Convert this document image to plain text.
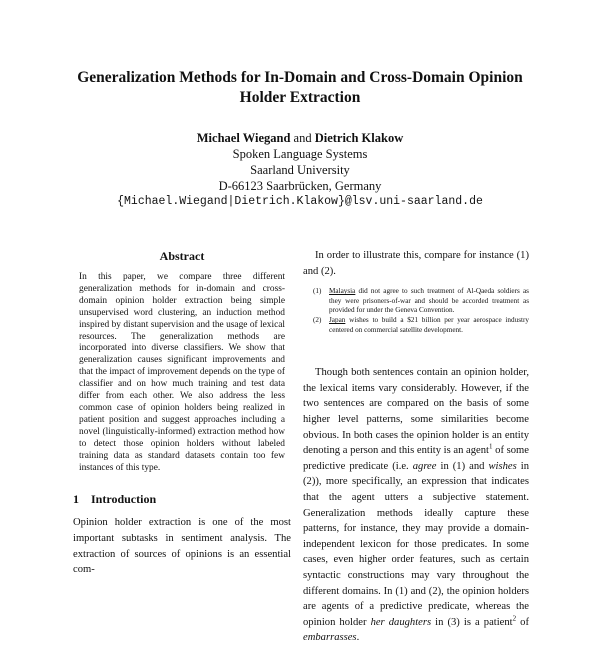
Generalization Methods for In-Domain and Cross-Domain Opinion
Holder Extraction
Michael Wiegand and Dietrich Klakow
Spoken Language Systems
Saarland University
D-66123 Saarbrücken, Germany
{Michael.Wiegand|Dietrich.Klakow}@lsv.uni-saarland.de
Abstract

In this paper, we compare three different generalization methods for in-domain and cross-domain opinion holder extraction being simple unsupervised word clustering, an induction method inspired by distant supervision and the usage of lexical resources. The generalization methods are incorporated into diverse classifiers. We show that generalization causes significant improvements and that the impact of improvement depends on the type of classifier and on how much training and test data differ from each other. We also address the less common case of opinion holders being realized in patient position and suggest approaches including a novel (linguistically-informed) extraction method how to detect those opinion holders without labeled training data as standard datasets contain too few instances of this type.

1 Introduction

Opinion holder extraction is one of the most important subtasks in sentiment analysis. The extraction of sources of opinions is an essential com-

In order to illustrate this, compare for instance (1) and (2).

(1)	Malaysia did not agree to such treatment of Al-Qaeda soldiers as they were prisoners-of-war and should be accorded treatment as provided for under the Geneva Convention.
(2)	Japan wishes to build a $21 billion per year aerospace industry centered on commercial satellite development.

Though both sentences contain an opinion holder, the lexical items vary considerably. However, if the two sentences are compared on the basis of some higher level patterns, some similarities become obvious. In both cases the opinion holder is an entity denoting a person and this entity is an agent$^1$ of some predictive predicate (i.e. agree in (1) and wishes in (2)), more specifically, an expression that indicates that the agent utters a subjective statement. Generalization methods ideally capture these patterns, for instance, they may provide a domain-independent lexicon for those predicates. In some cases, even higher order features, such as certain syntactic constructions may vary throughout the different domains. In (1) and (2), the opinion holders are agents of a predictive predicate, whereas the opinion holder her daughters in (3) is a patient$^2$ of embarrasses.
